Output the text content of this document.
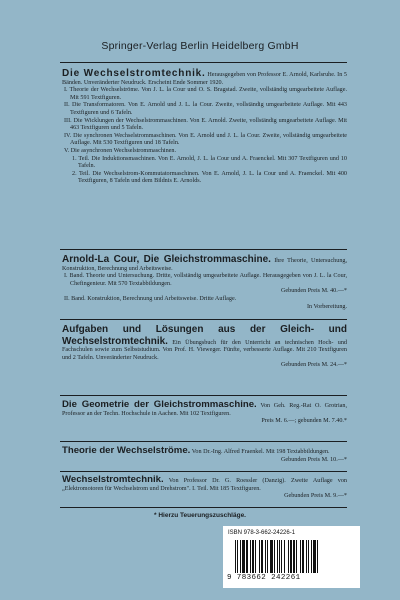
Springer-Verlag Berlin Heidelberg GmbH
Die Wechselstromtechnik. Herausgegeben von Professor E. Arnold, Karlsruhe. In 5 Bänden. Unveränderter Neudruck. Erscheint Ende Sommer 1920.
I. Theorie der Wechselströme. Von J. L. la Cour und O. S. Bragstad. Zweite, vollständig umgearbeitete Auflage. Mit 591 Textfiguren.
II. Die Transformatoren. Von E. Arnold und J. L. la Cour. Zweite, vollständig umgearbeitete Auflage. Mit 443 Textfiguren und 6 Tafeln.
III. Die Wicklungen der Wechselstrommaschinen. Von E. Arnold. Zweite, vollständig umgearbeitete Auflage. Mit 463 Textfiguren und 5 Tafeln.
IV. Die synchronen Wechselstrommaschinen. Von E. Arnold und J. L. la Cour. Zweite, vollständig umgearbeitete Auflage. Mit 530 Textfiguren und 18 Tafeln.
V. Die asynchronen Wechselstrommaschinen.
1. Teil. Die Induktionsmaschinen. Von E. Arnold, J. L. la Cour und A. Fraenckel. Mit 307 Textfiguren und 10 Tafeln.
2. Teil. Die Wechselstrom-Kommutatormaschinen. Von E. Arnold, J. L. la Cour und A. Fraenckel. Mit 400 Textfiguren, 8 Tafeln und dem Bildnis E. Arnolds.
Arnold-La Cour, Die Gleichstrommaschine. Ihre Theorie, Untersuchung, Konstruktion, Berechnung und Arbeitsweise.
I. Band. Theorie und Untersuchung. Dritte, vollständig umgearbeitete Auflage. Herausgegeben von J. L. la Cour, Chefingenieur. Mit 570 Textabbildungen.
Gebunden Preis M. 40.—*
II. Band. Konstruktion, Berechnung und Arbeitsweise. Dritte Auflage.
In Vorbereitung.
Aufgaben und Lösungen aus der Gleich- und Wechselstromtechnik. Ein Übungsbuch für den Unterricht an technischen Hoch- und Fachschulen sowie zum Selbststudium. Von Prof. H. Vieweger. Fünfte, verbesserte Auflage. Mit 210 Textfiguren und 2 Tafeln. Unveränderter Neudruck.
Gebunden Preis M. 24.—*
Die Geometrie der Gleichstrommaschine. Von Geh. Reg.-Rat O. Grotrian, Professor an der Techn. Hochschule in Aachen. Mit 102 Textfiguren.
Preis M. 6.—; gebunden M. 7.40.*
Theorie der Wechselströme. Von Dr.-Ing. Alfred Fraenkel. Mit 198 Textabbildungen.
Gebunden Preis M. 10.—*
Wechselstromtechnik. Von Professor Dr. G. Roessler (Danzig). Zweite Auflage von „Elektromotoren für Wechselstrom und Drehstrom". I. Teil. Mit 185 Textfiguren.
Gebunden Preis M. 9.—*
* Hierzu Teuerungszuschläge.
ISBN 978-3-662-24226-1
9 783662 242261
